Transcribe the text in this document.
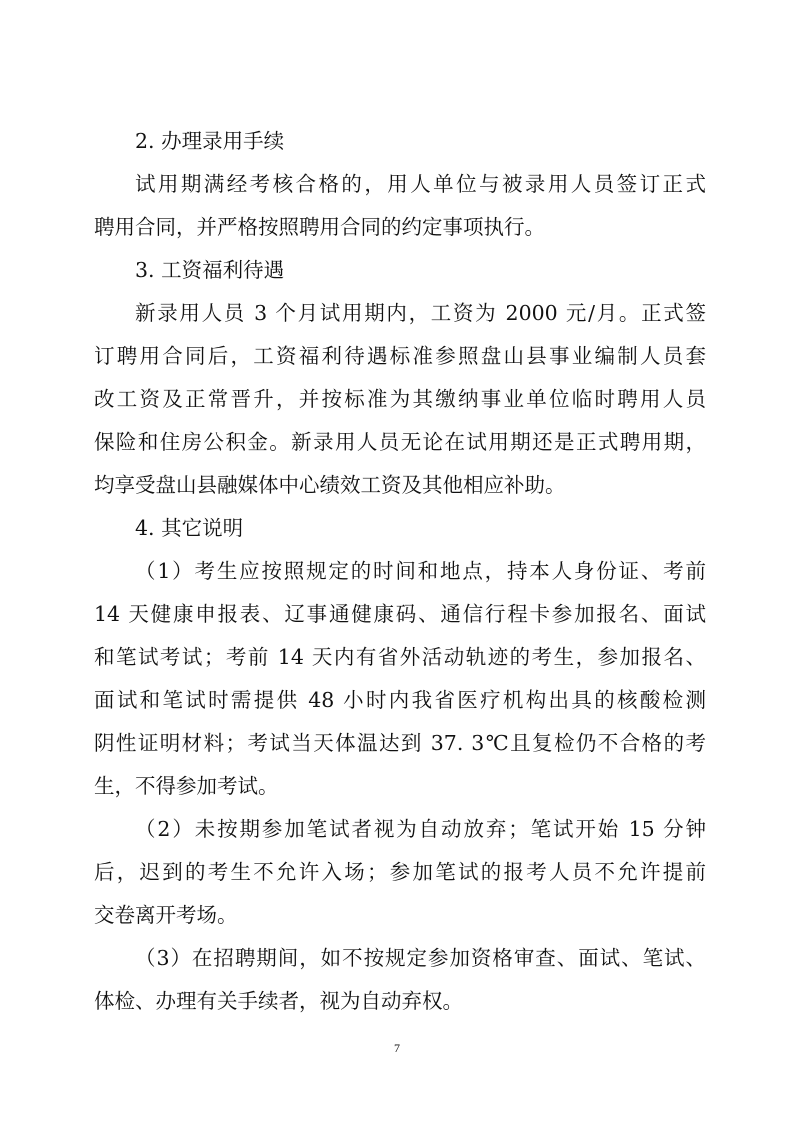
2. 办理录用手续
试用期满经考核合格的，用人单位与被录用人员签订正式
聘用合同，并严格按照聘用合同的约定事项执行。
3. 工资福利待遇
新录用人员 3 个月试用期内，工资为 2000 元/月。正式签
订聘用合同后，工资福利待遇标准参照盘山县事业编制人员套
改工资及正常晋升，并按标准为其缴纳事业单位临时聘用人员
保险和住房公积金。新录用人员无论在试用期还是正式聘用期，
均享受盘山县融媒体中心绩效工资及其他相应补助。
4. 其它说明
（1）考生应按照规定的时间和地点，持本人身份证、考前
14 天健康申报表、辽事通健康码、通信行程卡参加报名、面试
和笔试考试；考前 14 天内有省外活动轨迹的考生，参加报名、
面试和笔试时需提供 48 小时内我省医疗机构出具的核酸检测
阴性证明材料；考试当天体温达到 37. 3℃且复检仍不合格的考
生，不得参加考试。
（2）未按期参加笔试者视为自动放弃；笔试开始 15 分钟
后，迟到的考生不允许入场；参加笔试的报考人员不允许提前
交卷离开考场。
（3）在招聘期间，如不按规定参加资格审查、面试、笔试、
体检、办理有关手续者，视为自动弃权。
7
